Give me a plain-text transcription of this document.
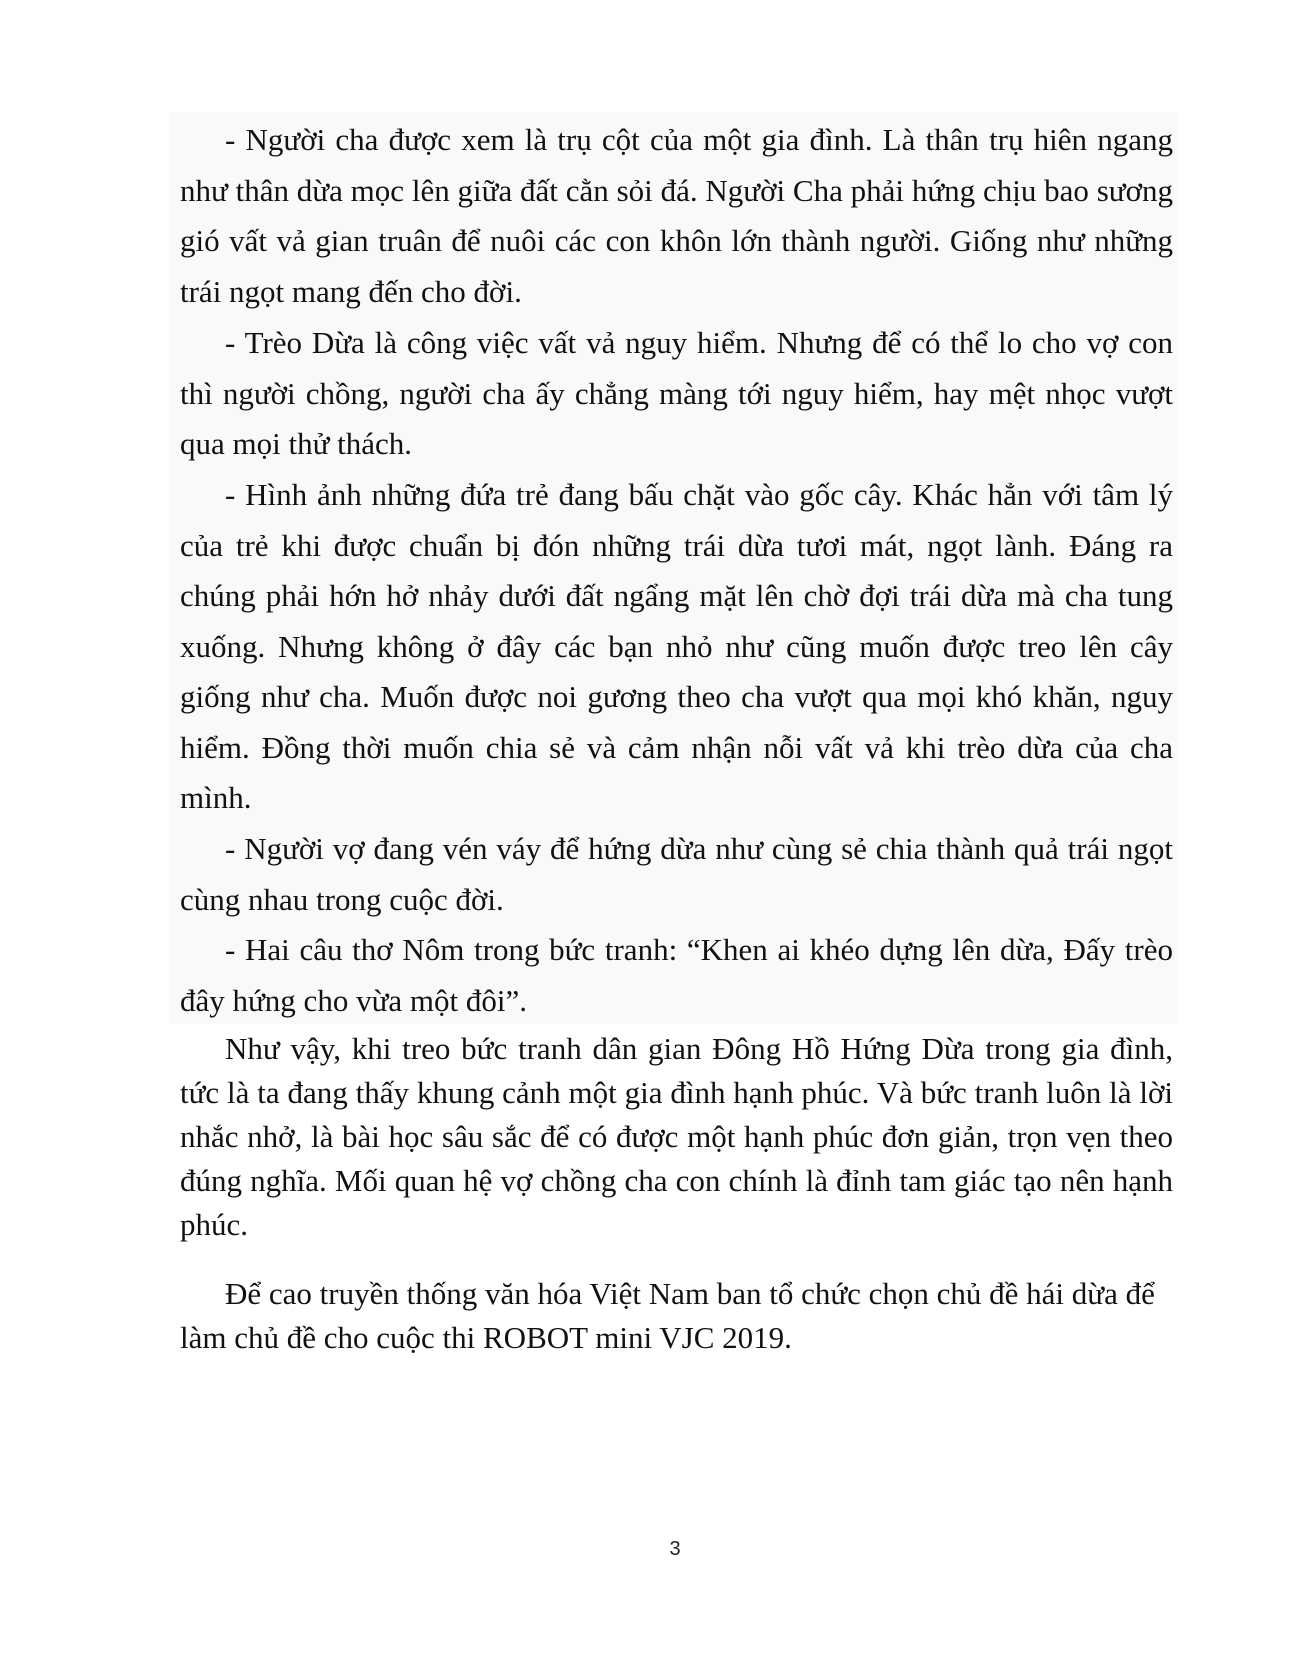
- Người cha được xem là trụ cột của một gia đình. Là thân trụ hiên ngang như thân dừa mọc lên giữa đất cằn sỏi đá. Người Cha phải hứng chịu bao sương gió vất vả gian truân để nuôi các con khôn lớn thành người. Giống như những trái ngọt mang đến cho đời.

- Trèo Dừa là công việc vất vả nguy hiểm. Nhưng để có thể lo cho vợ con thì người chồng, người cha ấy chẳng màng tới nguy hiểm, hay mệt nhọc vượt qua mọi thử thách.

- Hình ảnh những đứa trẻ đang bấu chặt vào gốc cây. Khác hẳn với tâm lý của trẻ khi được chuẩn bị đón những trái dừa tươi mát, ngọt lành. Đáng ra chúng phải hớn hở nhảy dưới đất ngẩng mặt lên chờ đợi trái dừa mà cha tung xuống. Nhưng không ở đây các bạn nhỏ như cũng muốn được treo lên cây giống như cha. Muốn được noi gương theo cha vượt qua mọi khó khăn, nguy hiểm. Đồng thời muốn chia sẻ và cảm nhận nỗi vất vả khi trèo dừa của cha mình.

- Người vợ đang vén váy để hứng dừa như cùng sẻ chia thành quả trái ngọt cùng nhau trong cuộc đời.

- Hai câu thơ Nôm trong bức tranh: “Khen ai khéo dựng lên dừa, Đấy trèo đây hứng cho vừa một đôi”.

Như vậy, khi treo bức tranh dân gian Đông Hồ Hứng Dừa trong gia đình, tức là ta đang thấy khung cảnh một gia đình hạnh phúc. Và bức tranh luôn là lời nhắc nhở, là bài học sâu sắc để có được một hạnh phúc đơn giản, trọn vẹn theo đúng nghĩa. Mối quan hệ vợ chồng cha con chính là đỉnh tam giác tạo nên hạnh phúc.

Để cao truyền thống văn hóa Việt Nam ban tổ chức chọn chủ đề hái dừa để làm chủ đề cho cuộc thi ROBOT mini VJC 2019.

3
